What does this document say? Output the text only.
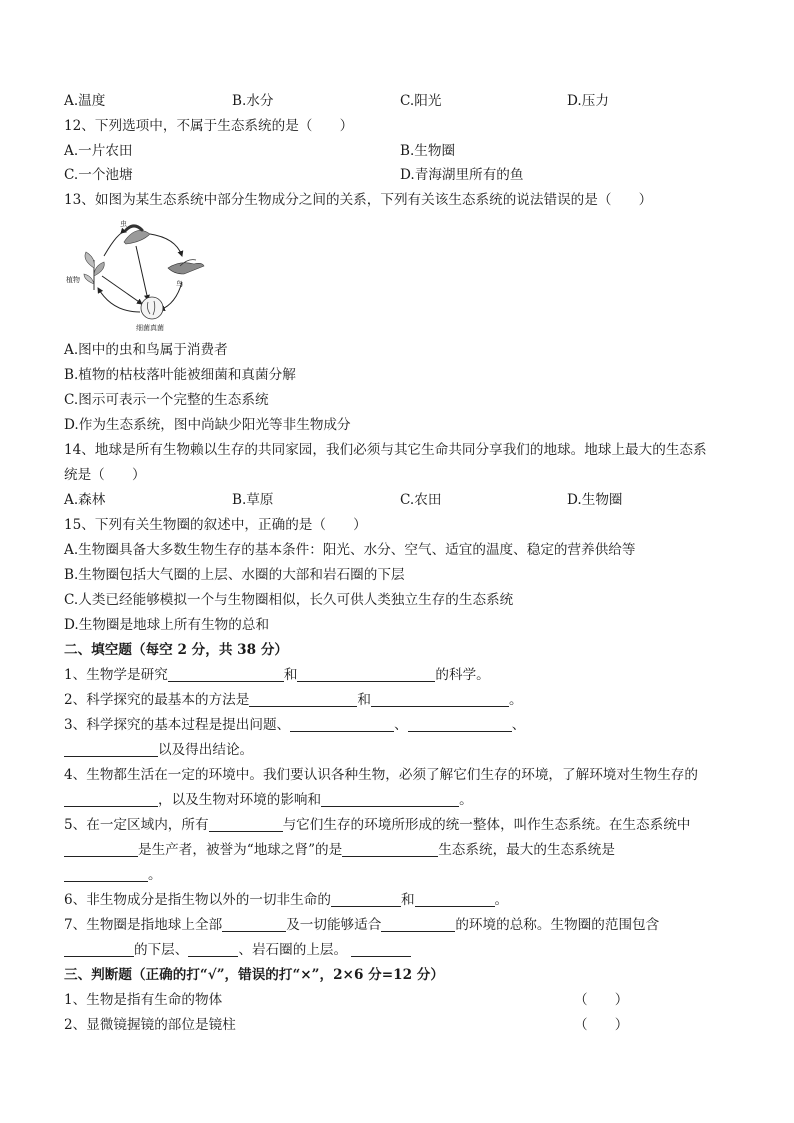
A.温度	B.水分	C.阳光	D.压力
12、下列选项中，不属于生态系统的是（　　）
A.一片农田	B.生物圈
C.一个池塘	D.青海湖里所有的鱼
13、如图为某生态系统中部分生物成分之间的关系，下列有关该生态系统的说法错误的是（　　）
虫
植物	鸟
细菌真菌
A.图中的虫和鸟属于消费者
B.植物的枯枝落叶能被细菌和真菌分解
C.图示可表示一个完整的生态系统
D.作为生态系统，图中尚缺少阳光等非生物成分
14、地球是所有生物赖以生存的共同家园，我们必须与其它生命共同分享我们的地球。地球上最大的生态系
统是（　　）
A.森林	B.草原	C.农田	D.生物圈
15、下列有关生物圈的叙述中，正确的是（　　）
A.生物圈具备大多数生物生存的基本条件：阳光、水分、空气、适宜的温度、稳定的营养供给等
B.生物圈包括大气圈的上层、水圈的大部和岩石圈的下层
C.人类已经能够模拟一个与生物圈相似，长久可供人类独立生存的生态系统
D.生物圈是地球上所有生物的总和
二、填空题（每空 2 分，共 38 分）
1、生物学是研究	和	的科学。
2、科学探究的最基本的方法是	和	。
3、科学探究的基本过程是提出问题、	、	、
以及得出结论。
4、生物都生活在一定的环境中。我们要认识各种生物，必须了解它们生存的环境，了解环境对生物生存的
，以及生物对环境的影响和	。
5、在一定区域内，所有	与它们生存的环境所形成的统一整体，叫作生态系统。在生态系统中
是生产者，被誉为“地球之肾”的是	生态系统，最大的生态系统是
。
6、非生物成分是指生物以外的一切非生命的	和	。
7、生物圈是指地球上全部	及一切能够适合	的环境的总称。生物圈的范围包含
的下层、	、岩石圈的上层。
三、判断题（正确的打“√”，错误的打“×”，2×6 分=12 分）
1、生物是指有生命的物体	（　　）
2、显微镜握镜的部位是镜柱	（　　）
